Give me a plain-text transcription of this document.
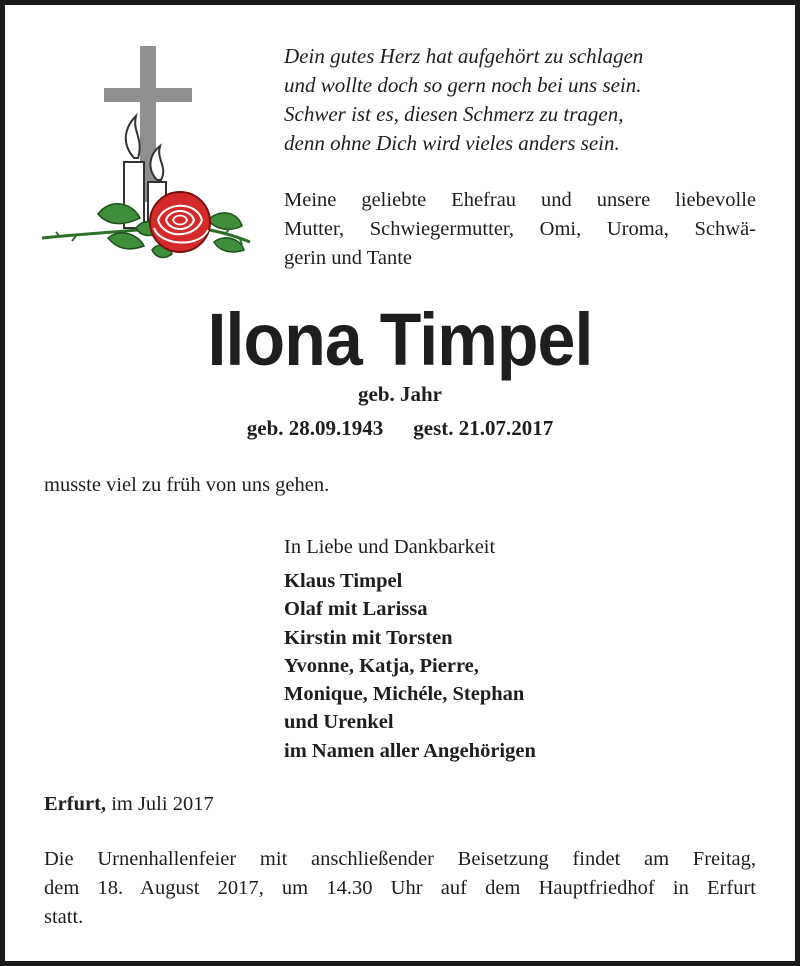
Dein gutes Herz hat aufgehört zu schlagen
und wollte doch so gern noch bei uns sein.
Schwer ist es, diesen Schmerz zu tragen,
denn ohne Dich wird vieles anders sein.
Meine geliebte Ehefrau und unsere liebevolle
Mutter, Schwiegermutter, Omi, Uroma, Schwä-
gerin und Tante
Ilona Timpel
geb. Jahr
geb. 28.09.1943 gest. 21.07.2017
musste viel zu früh von uns gehen.
In Liebe und Dankbarkeit
Klaus Timpel
Olaf mit Larissa
Kirstin mit Torsten
Yvonne, Katja, Pierre,
Monique, Michéle, Stephan
und Urenkel
im Namen aller Angehörigen
Erfurt, im Juli 2017
Die Urnenhallenfeier mit anschließender Beisetzung findet am Freitag,
dem 18. August 2017, um 14.30 Uhr auf dem Hauptfriedhof in Erfurt
statt.
